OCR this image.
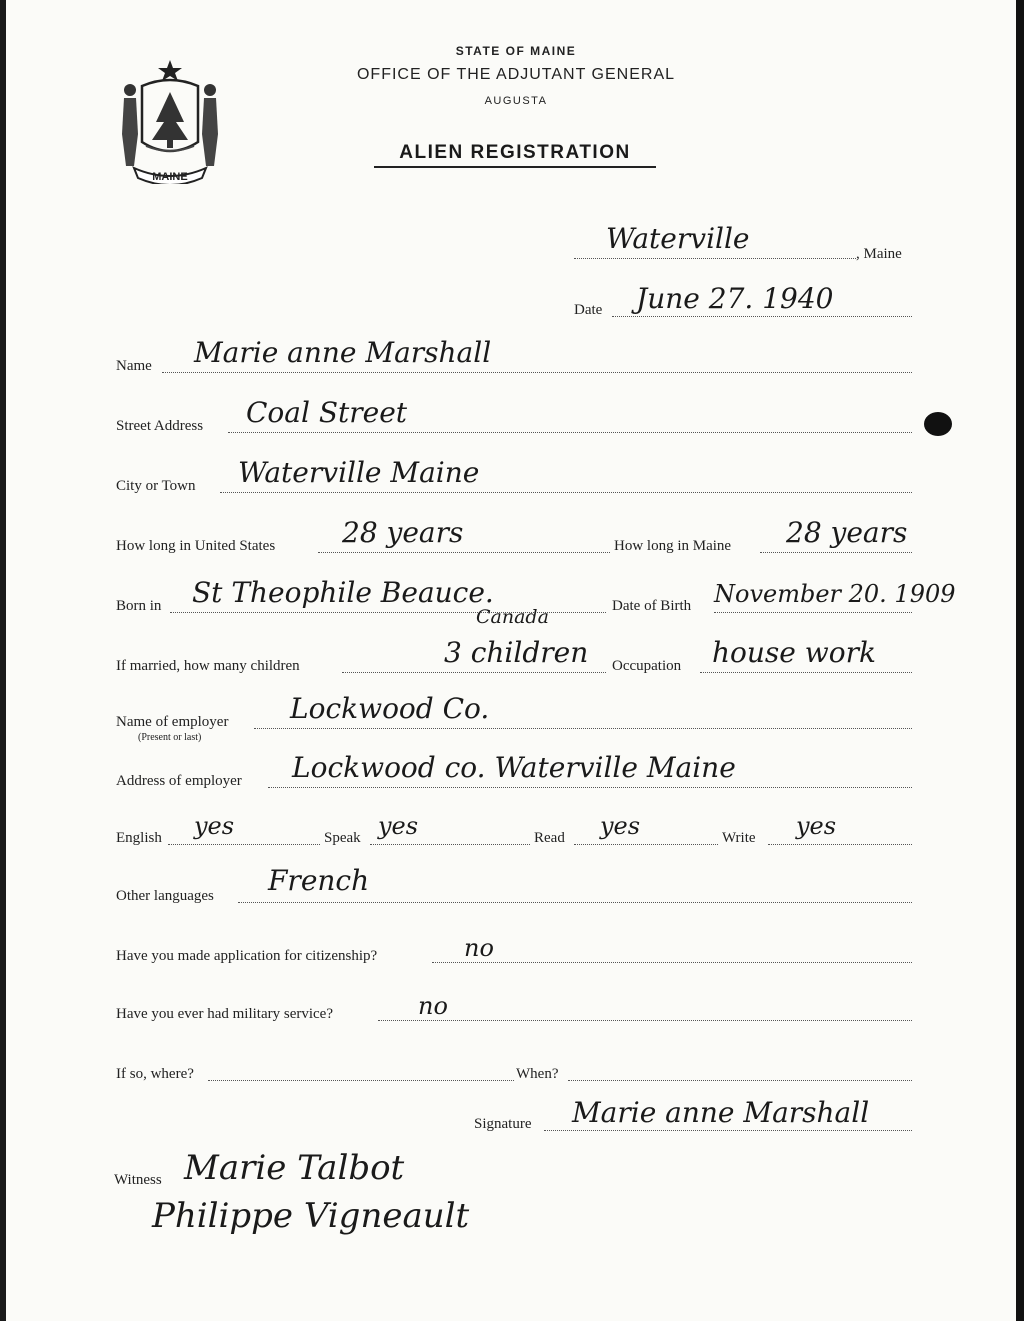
MAINE
STATE OF MAINE
OFFICE OF THE ADJUTANT GENERAL
AUGUSTA
ALIEN REGISTRATION
Waterville	, Maine
Date June 27. 1940
Name Marie anne Marshall
Street Address Coal Street
City or Town Waterville Maine
How long in United States 28 years	How long in Maine 28 years
Born in St Theophile Beauce.
Canada	Date of Birth November 20. 1909
If married, how many children	3 children Occupation house work
Name of employer
(Present or last)
Lockwood Co.
Address of employer Lockwood co. Waterville Maine
English yes	Speak yes	Read yes	Write yes
Other languages French
Have you made application for citizenship?	no
Have you ever had military service?	no
If so, where?	When?
Signature Marie anne Marshall
Witness Marie Talbot
Philippe Vigneault
